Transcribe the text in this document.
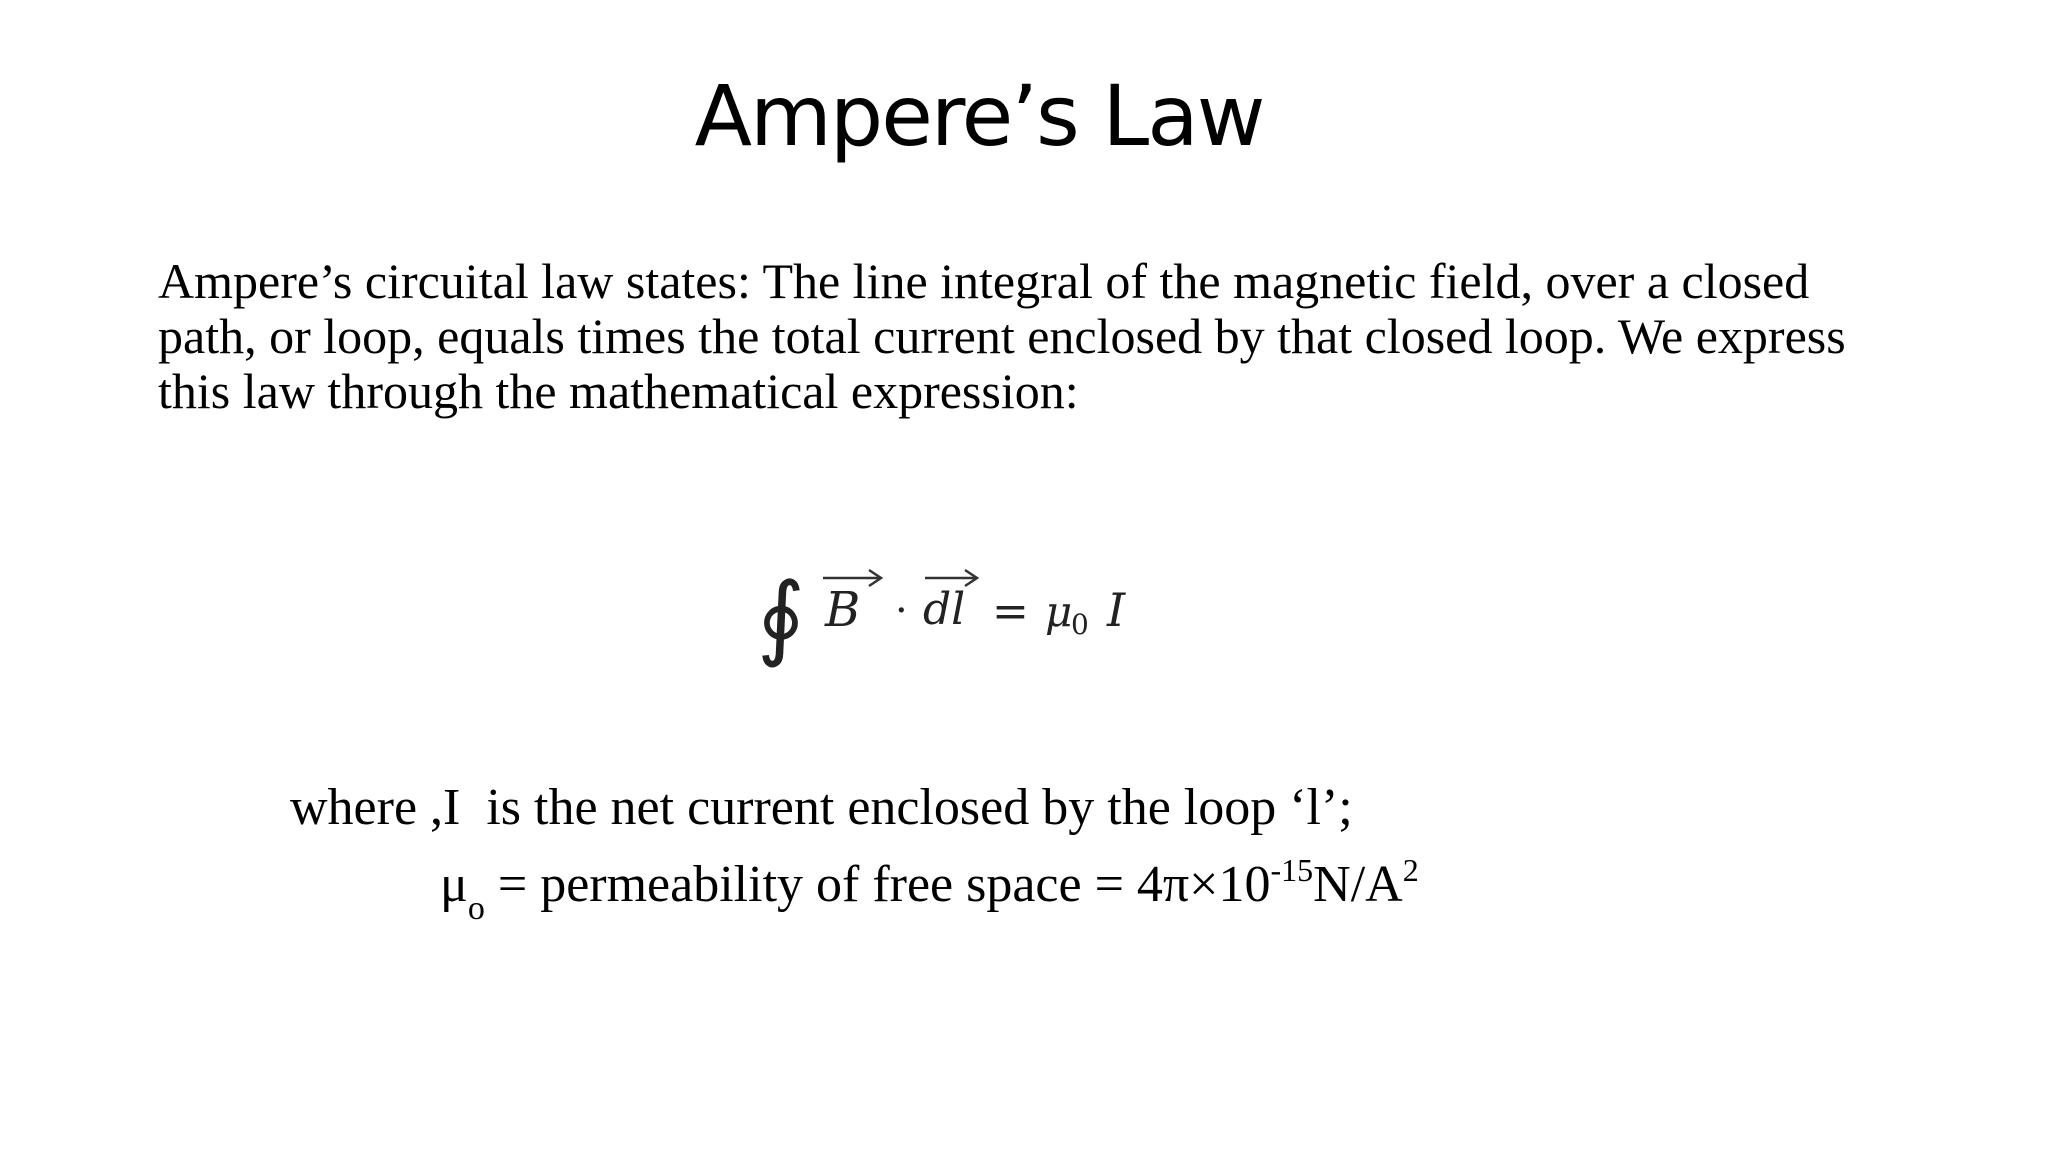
Ampere’s Law
Ampere’s circuital law states: The line integral of the magnetic field, over a closed
path, or loop, equals times the total current enclosed by that closed loop. We express
this law through the mathematical expression:
∮ B · dl = μ
0 I
where ,I  is the net current enclosed by the loop ‘l’;
$\mu_o$ = permeability of free space = $4\pi\times 10^{-15}N/A^2$
